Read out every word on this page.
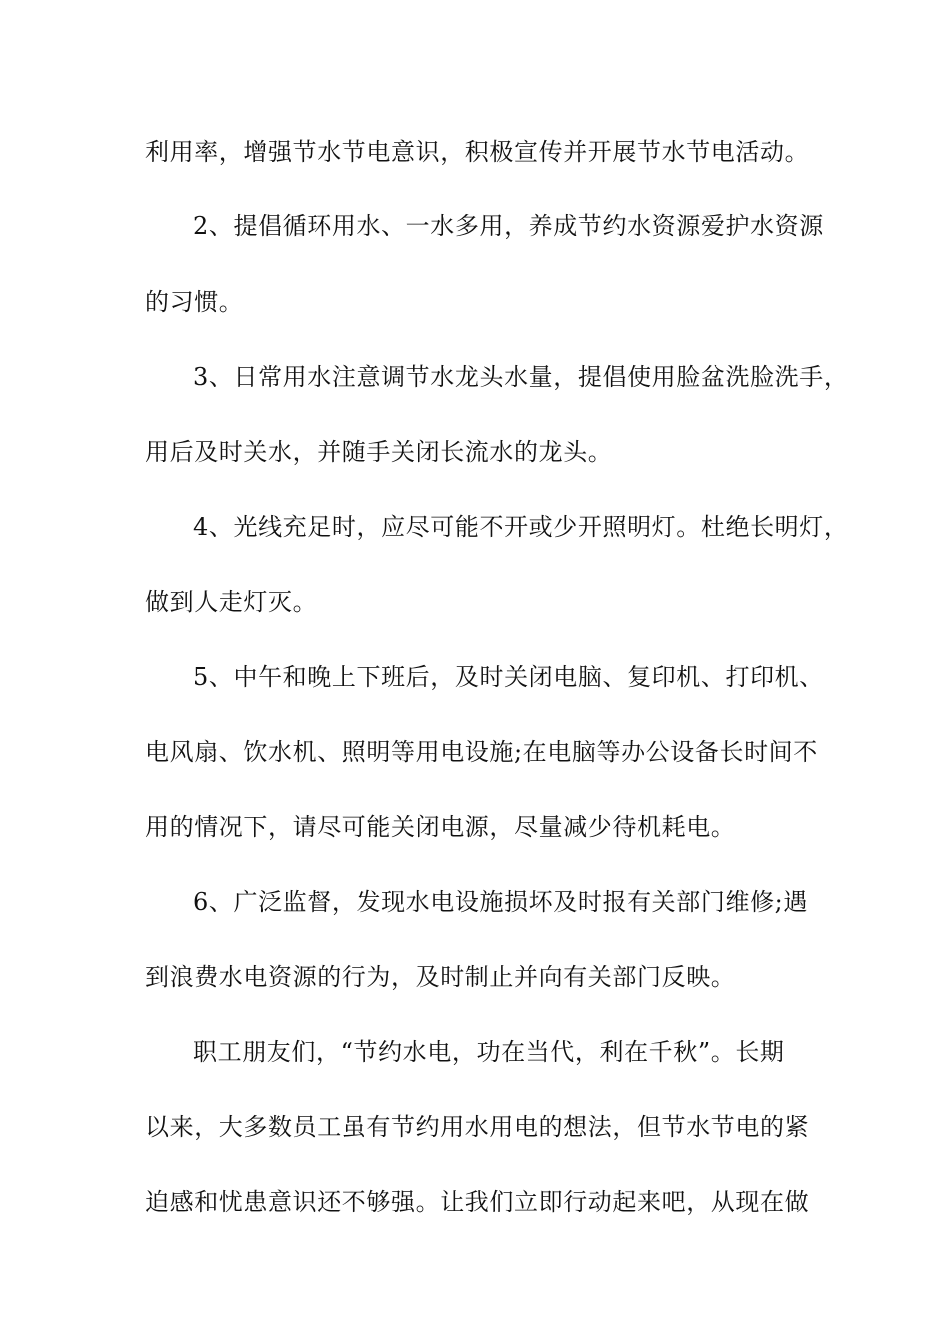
利用率，增强节水节电意识，积极宣传并开展节水节电活动。
2、提倡循环用水、一水多用，养成节约水资源爱护水资源
的习惯。
3、日常用水注意调节水龙头水量，提倡使用脸盆洗脸洗手，
用后及时关水，并随手关闭长流水的龙头。
4、光线充足时，应尽可能不开或少开照明灯。杜绝长明灯，
做到人走灯灭。
5、中午和晚上下班后，及时关闭电脑、复印机、打印机、
电风扇、饮水机、照明等用电设施;在电脑等办公设备长时间不
用的情况下，请尽可能关闭电源，尽量减少待机耗电。
6、广泛监督，发现水电设施损坏及时报有关部门维修;遇
到浪费水电资源的行为，及时制止并向有关部门反映。
职工朋友们，“节约水电，功在当代，利在千秋”。长期
以来，大多数员工虽有节约用水用电的想法，但节水节电的紧
迫感和忧患意识还不够强。让我们立即行动起来吧，从现在做
